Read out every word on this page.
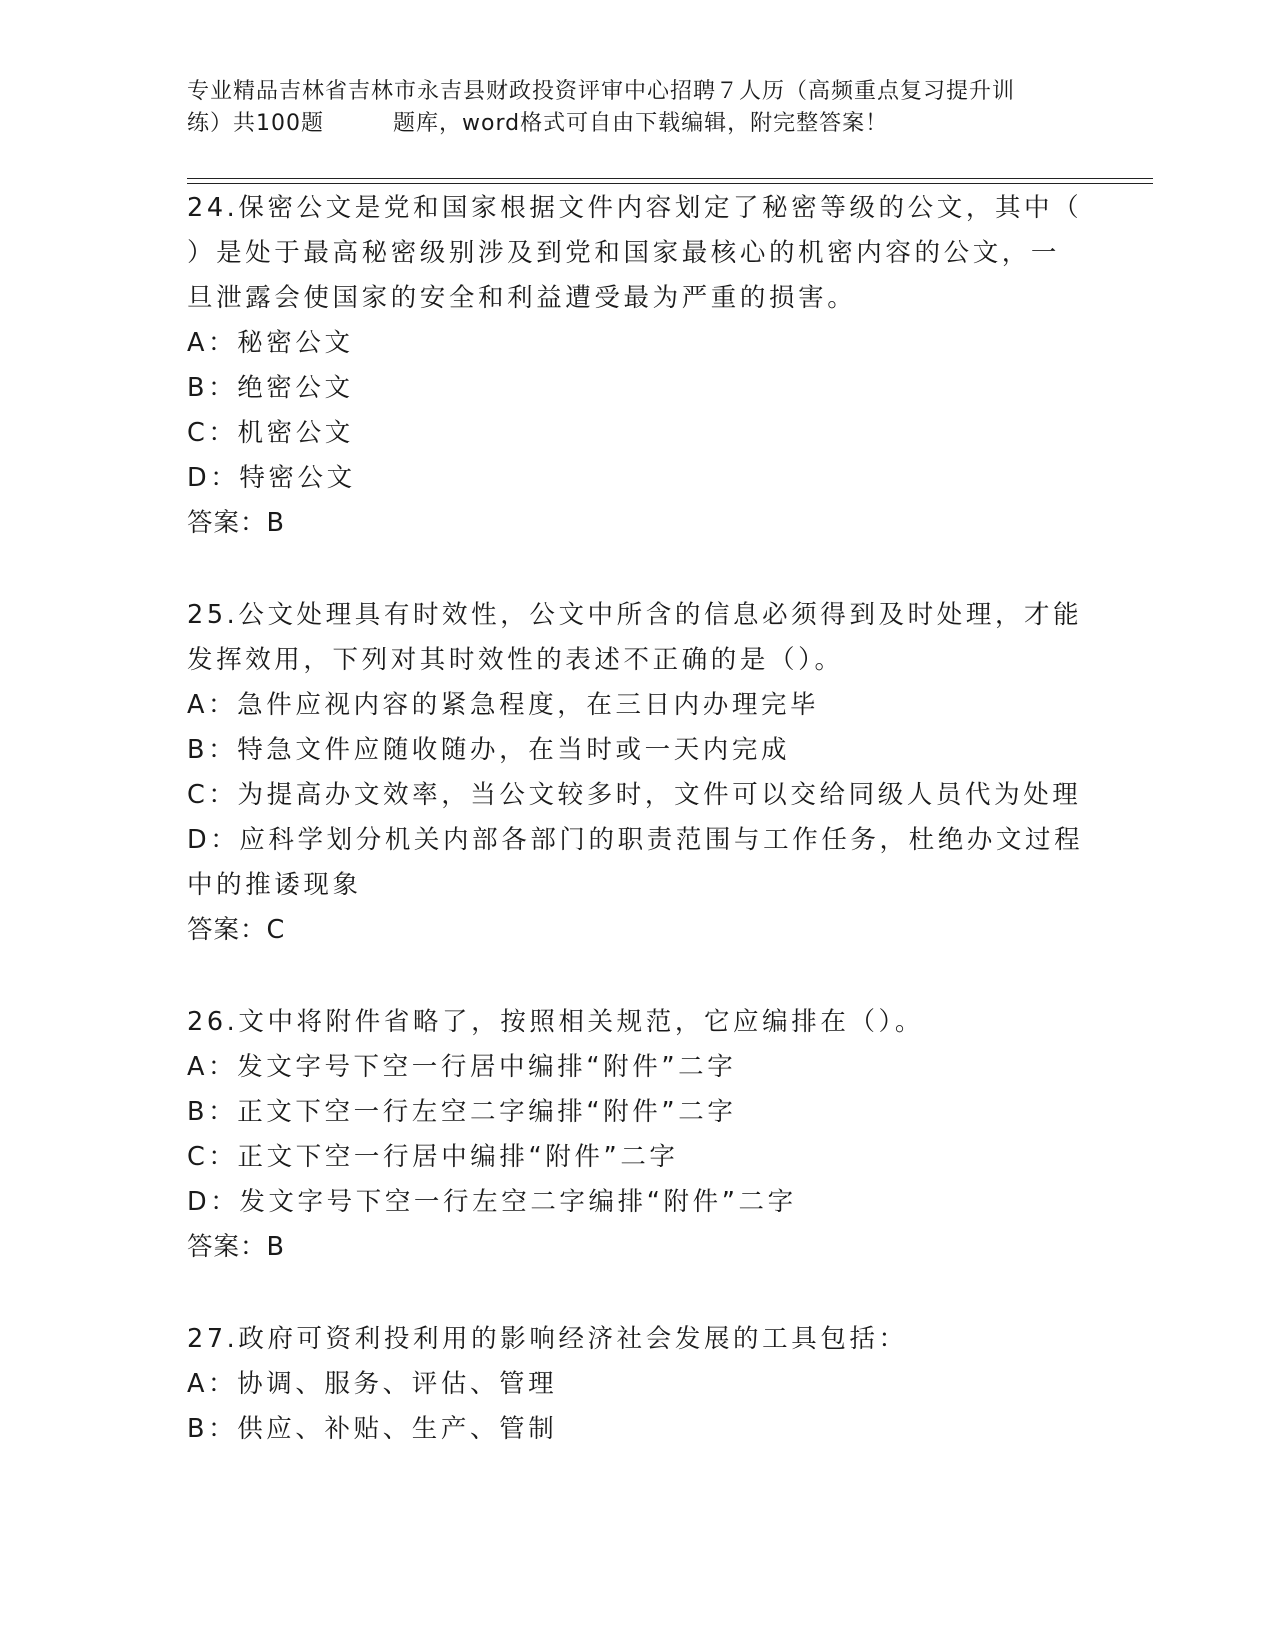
专业精品吉林省吉林市永吉县财政投资评审中心招聘７人历（高频重点复习提升训
练）共100题　　　题库，word格式可自由下载编辑，附完整答案！
24.保密公文是党和国家根据文件内容划定了秘密等级的公文，其中（
）是处于最高秘密级别涉及到党和国家最核心的机密内容的公文，一
旦泄露会使国家的安全和利益遭受最为严重的损害。
A：秘密公文
B：绝密公文
C：机密公文
D：特密公文
答案：B
25.公文处理具有时效性，公文中所含的信息必须得到及时处理，才能
发挥效用，下列对其时效性的表述不正确的是（）。
A：急件应视内容的紧急程度，在三日内办理完毕
B：特急文件应随收随办，在当时或一天内完成
C：为提高办文效率，当公文较多时，文件可以交给同级人员代为处理
D：应科学划分机关内部各部门的职责范围与工作任务，杜绝办文过程
中的推诿现象
答案：C
26.文中将附件省略了，按照相关规范，它应编排在（）。
A：发文字号下空一行居中编排“附件”二字
B：正文下空一行左空二字编排“附件”二字
C：正文下空一行居中编排“附件”二字
D：发文字号下空一行左空二字编排“附件”二字
答案：B
27.政府可资利投利用的影响经济社会发展的工具包括：
A：协调、服务、评估、管理
B：供应、补贴、生产、管制
